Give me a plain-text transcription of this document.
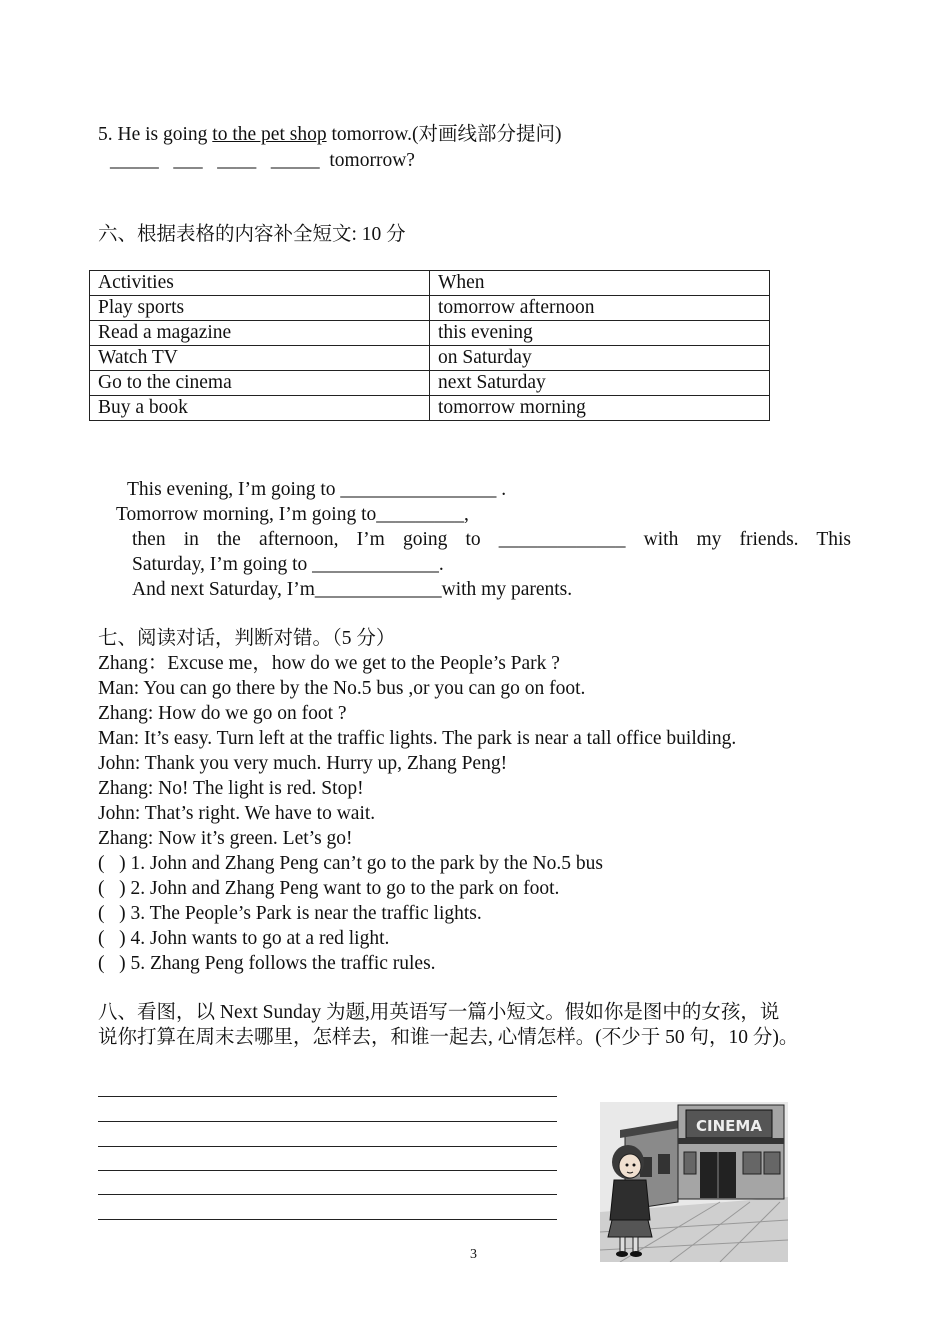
5. He is going to the pet shop tomorrow.(对画线部分提问)
_____   ___   ____   _____  tomorrow?
六、根据表格的内容补全短文: 10 分
Activities	When
Play sports	tomorrow afternoon
Read a magazine	this evening
Watch TV	on Saturday
Go to the cinema	next Saturday
Buy a book	tomorrow morning
This evening, I’m going to ________________ .
Tomorrow morning, I’m going to_________,
then in the afternoon, I’m going to _____________ with my friends. This
Saturday, I’m going to _____________.
And next Saturday, I’m_____________with my parents.
七、阅读对话，判断对错。（5 分）
Zhang：Excuse me，how do we get to the People’s Park ?
Man: You can go there by the No.5 bus ,or you can go on foot.
Zhang: How do we go on foot ?
Man: It’s easy. Turn left at the traffic lights. The park is near a tall office building.
John: Thank you very much. Hurry up, Zhang Peng!
Zhang: No! The light is red. Stop!
John: That’s right. We have to wait.
Zhang: Now it’s green. Let’s go!
(   ) 1. John and Zhang Peng can’t go to the park by the No.5 bus
(   ) 2. John and Zhang Peng want to go to the park on foot.
(   ) 3. The People’s Park is near the traffic lights.
(   ) 4. John wants to go at a red light.
(   ) 5. Zhang Peng follows the traffic rules.
八、看图，以 Next Sunday 为题,用英语写一篇小短文。假如你是图中的女孩，说
说你打算在周末去哪里，怎样去，和谁一起去, 心情怎样。(不少于 50 句，10 分)。
CINEMA
3
